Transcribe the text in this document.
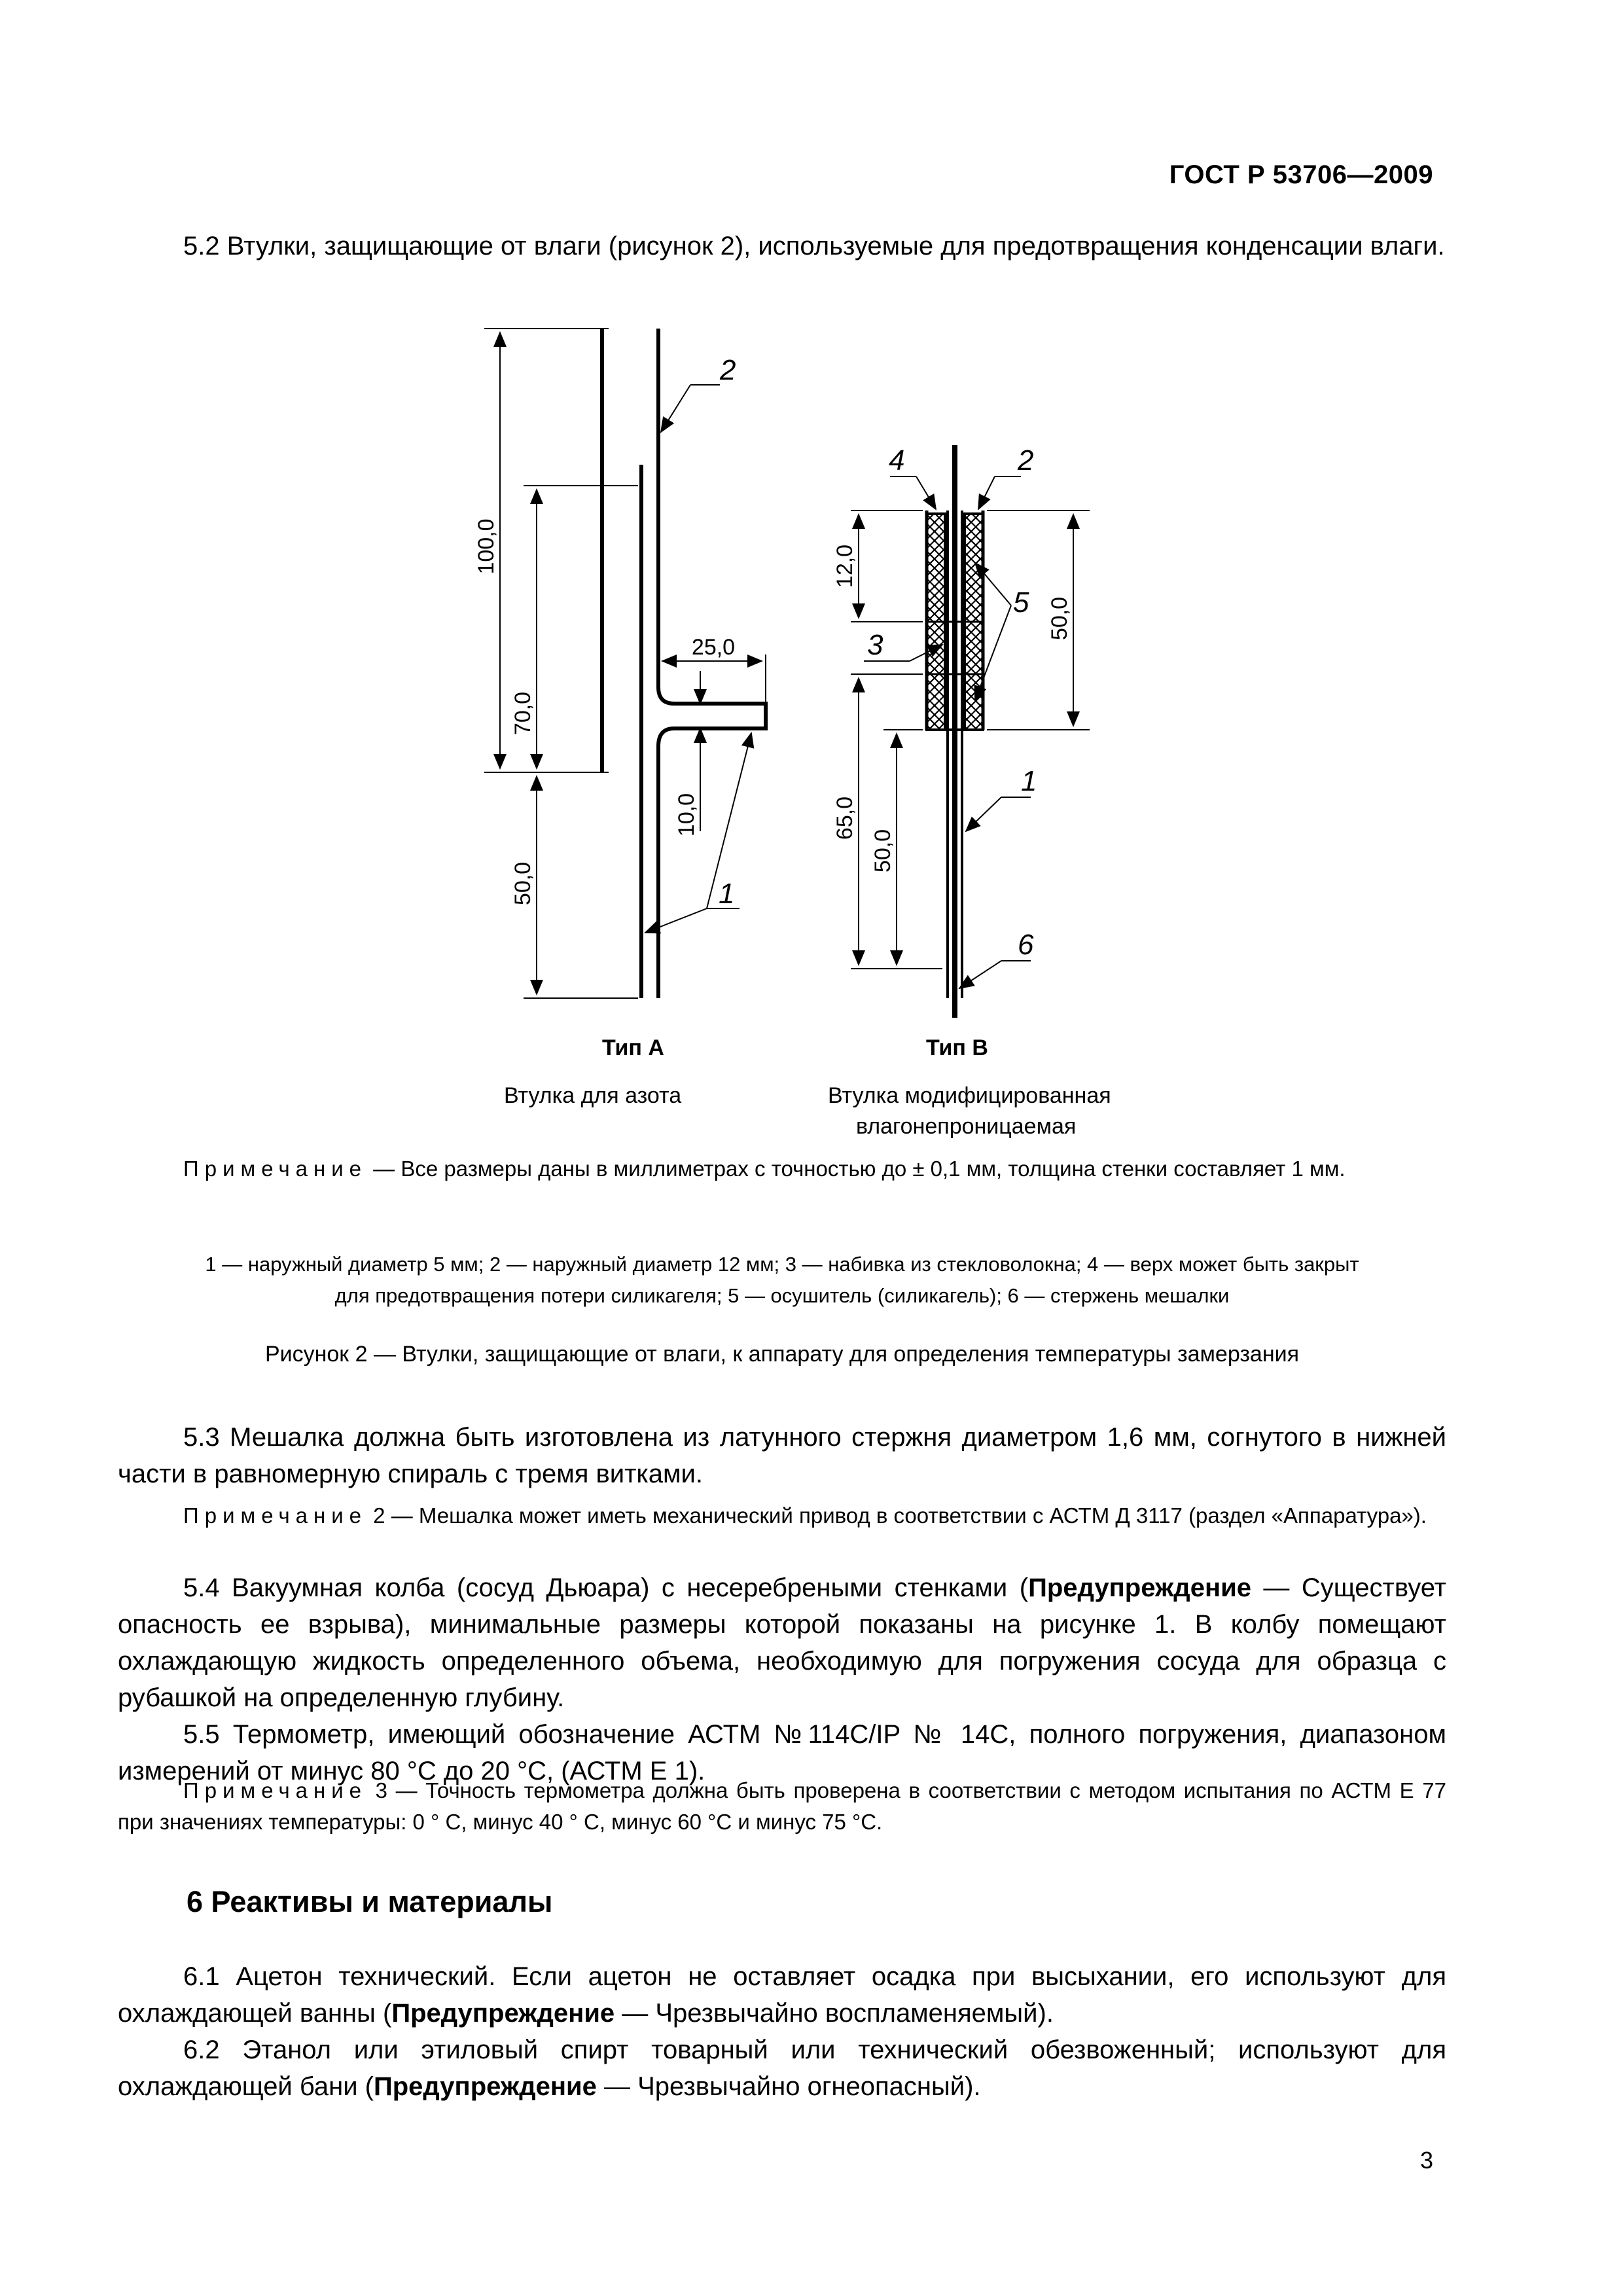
ГОСТ Р 53706—2009
5.2 Втулки, защищающие от влаги (рисунок 2), используемые для предотвращения конденсации влаги.
100,0
70,0
50,0
25,0
10,0
2
1
12,0
50,0
65,0
50,0
4	2
5
3
1
6
Тип А
Втулка для азота
Тип В
Втулка модифицированная
влагонепроницаемая
Примечание — Все размеры даны в миллиметрах с точностью до ± 0,1 мм, толщина стенки составляет 1 мм.
1 — наружный диаметр 5 мм; 2 — наружный диаметр 12 мм; 3 — набивка из стекловолокна; 4 — верх может быть закрыт
для предотвращения потери силикагеля; 5 — осушитель (силикагель); 6 — стержень мешалки
Рисунок 2 — Втулки, защищающие от влаги, к аппарату для определения температуры замерзания
5.3 Мешалка должна быть изготовлена из латунного стержня диаметром 1,6 мм, согнутого в нижней части в равномерную спираль с тремя витками.
Примечание 2 — Мешалка может иметь механический привод в соответствии с АСТМ Д 3117 (раздел «Аппаратура»).
5.4 Вакуумная колба (сосуд Дьюара) с несеребреными стенками (Предупреждение — Существует опасность ее взрыва), минимальные размеры которой показаны на рисунке 1. В колбу помещают охлаждающую жидкость определенного объема, необходимую для погружения сосуда для образца с рубашкой на определенную глубину.
5.5 Термометр, имеющий обозначение АСТМ №114С/IP № 14С, полного погружения, диапазоном измерений от минус 80 °С до 20 °С, (АСТМ Е 1).
Примечание 3 — Точность термометра должна быть проверена в соответствии с методом испытания по АСТМ Е 77 при значениях температуры: 0 ° С, минус 40 ° С, минус 60 °С и минус 75 °С.
6 Реактивы и материалы
6.1 Ацетон технический. Если ацетон не оставляет осадка при высыхании, его используют для охлаждающей ванны (Предупреждение — Чрезвычайно воспламеняемый).
6.2 Этанол или этиловый спирт товарный или технический обезвоженный; используют для охлаждающей бани (Предупреждение — Чрезвычайно огнеопасный).
3
